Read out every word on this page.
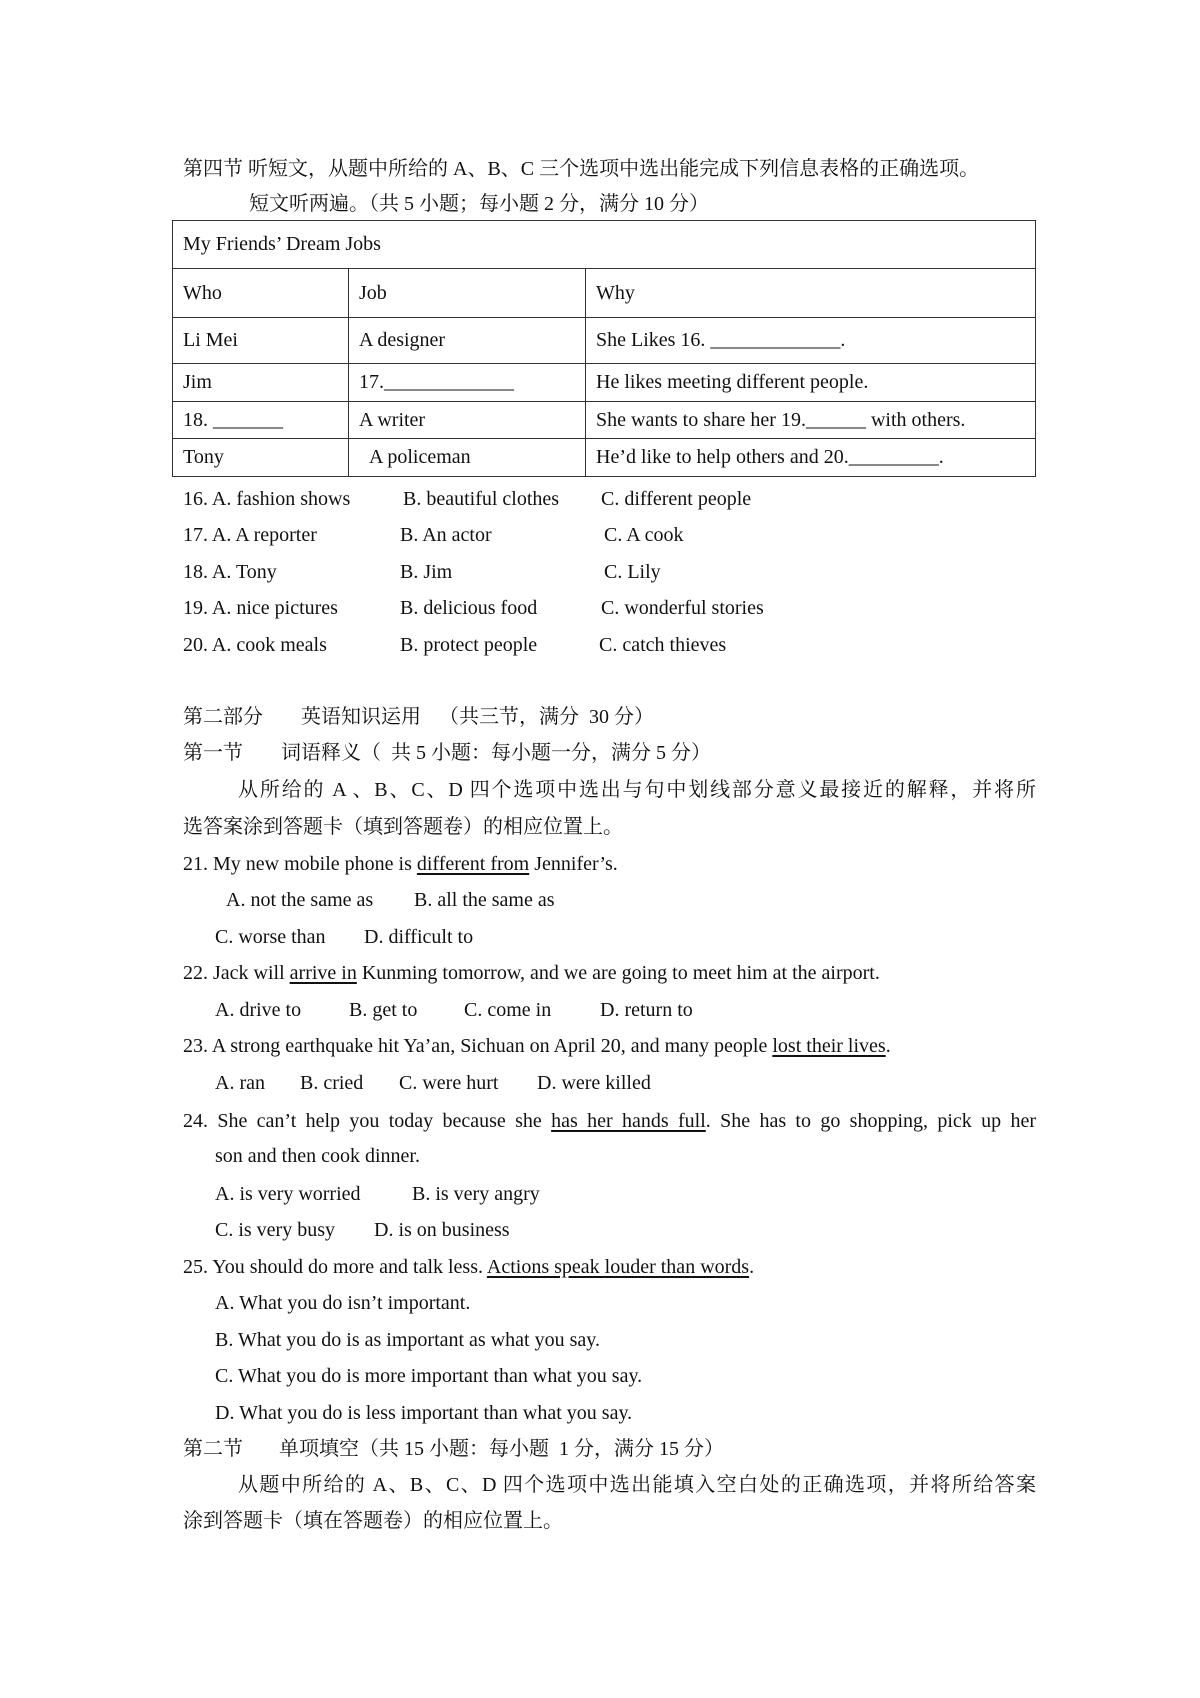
第四节 听短文，从题中所给的 A、B、C 三个选项中选出能完成下列信息表格的正确选项。
短文听两遍。（共 5 小题；每小题 2 分，满分 10 分）
My Friends’ Dream Jobs
Who	Job	Why
Li Mei	A designer	She Likes 16. _____________.
Jim	17._____________	He likes meeting different people.
18. _______	A writer	She wants to share her 19.______ with others.
Tony	A policeman	He’d like to help others and 20._________.
16. A. fashion shows	B. beautiful clothes C. different people
17. A. A reporter	B. An actor	C. A cook
18. A. Tony	B. Jim	C. Lily
19. A. nice pictures	B. delicious food	C. wonderful stories
20. A. cook meals	B. protect people	C. catch thieves
第二部分 英语知识运用 （共三节，满分  30 分）
第一节 词语释义（  共 5 小题：每小题一分，满分 5 分）
从所给的 A 、B、C、D 四个选项中选出与句中划线部分意义最接近的解释，并将所
选答案涂到答题卡（填到答题卷）的相应位置上。
21. My new mobile phone is different from Jennifer’s.
A. not the same as B. all the same as
C. worse than D. difficult to
22. Jack will arrive in Kunming tomorrow, and we are going to meet him at the airport.
A. drive to B. get to C. come in D. return to
23. A strong earthquake hit Ya’an, Sichuan on April 20, and many people lost their lives.
A. ran B. cried C. were hurt D. were killed
24. She can’t help you today because she has her hands full. She has to go shopping, pick up her
son and then cook dinner.
A. is very worried	B. is very angry
C. is very busy D. is on business
25. You should do more and talk less. Actions speak louder than words.
A. What you do isn’t important.
B. What you do is as important as what you say.
C. What you do is more important than what you say.
D. What you do is less important than what you say.
第二节 单项填空（共 15 小题：每小题  1 分，满分 15 分）
从题中所给的 A、B、C、D 四个选项中选出能填入空白处的正确选项，并将所给答案
涂到答题卡（填在答题卷）的相应位置上。
